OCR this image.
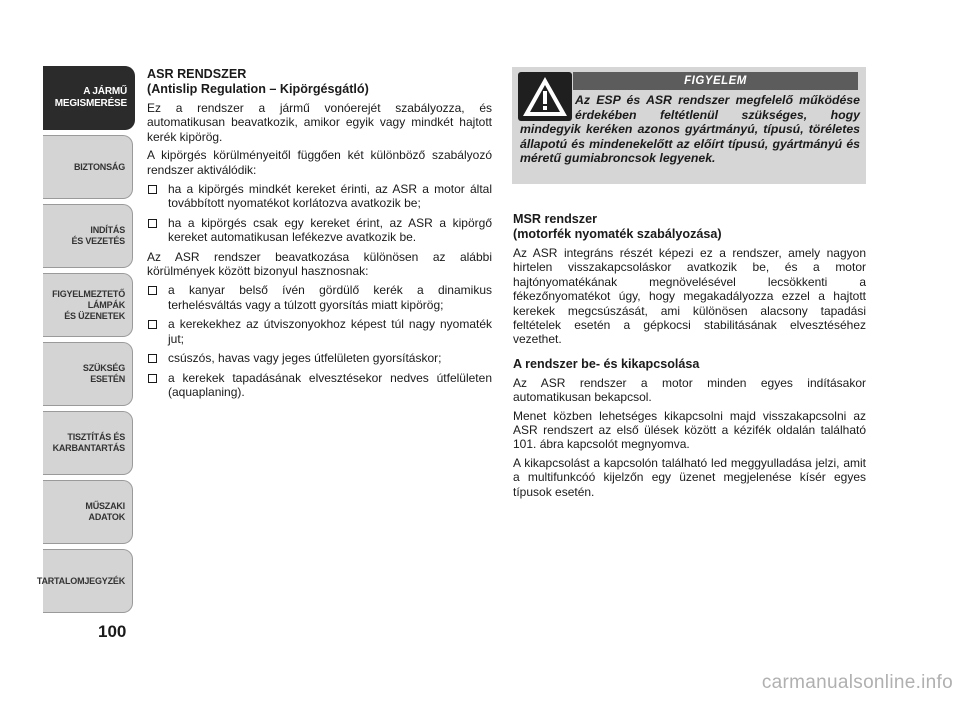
A JÁRMŰ
MEGISMERÉSE
BIZTONSÁG
INDÍTÁS
ÉS VEZETÉS
FIGYELMEZTETŐ
LÁMPÁK
ÉS ÜZENETEK
SZÜKSÉG
ESETÉN
TISZTÍTÁS ÉS
KARBANTARTÁS
MŰSZAKI
ADATOK
TARTALOMJEGYZÉK
100

ASR RENDSZER

(Antislip Regulation – Kipörgésgátló)

Ez a rendszer a jármű vonóerejét szabályozza, és automatikusan beavatkozik, amikor egyik vagy mindkét hajtott kerék kipörög.

A kipörgés körülményeitől függően két különböző szabályozó rendszer aktiválódik:

ha a kipörgés mindkét kereket érinti, az ASR a motor által továbbított nyomatékot korlátozva avatkozik be;
ha a kipörgés csak egy kereket érint, az ASR a kipörgő kereket automatikusan lefékezve avatkozik be.

Az ASR rendszer beavatkozása különösen az alábbi körülmények között bizonyul hasznosnak:

a kanyar belső ívén gördülő kerék a dinamikus terhelésváltás vagy a túlzott gyorsítás miatt kipörög;
a kerekekhez az útviszonyokhoz képest túl nagy nyomaték jut;
csúszós, havas vagy jeges útfelületen gyorsításkor;
a kerekek tapadásának elvesztésekor nedves útfelületen (aquaplaning).
FIGYELEM

Az ESP és ASR rendszer megfelelő működése érdekében feltétlenül szükséges, hogy mindegyik keréken azonos gyártmányú, típusú, töréletes állapotú és mindenekelőtt az előírt típusú, gyártmányú és méretű gumiabroncsok legyenek.

MSR rendszer

(motorfék nyomaték szabályozása)

Az ASR integráns részét képezi ez a rendszer, amely nagyon hirtelen visszakapcsoláskor avatkozik be, és a motor hajtónyomatékának megnövelésével lecsökkenti a fékezőnyomatékot úgy, hogy megakadályozza ezzel a hajtott kerekek megcsúszását, ami különösen alacsony tapadási feltételek esetén a gépkocsi stabilitásának elvesztéséhez vezethet.

A rendszer be- és kikapcsolása

Az ASR rendszer a motor minden egyes indításakor automatikusan bekapcsol.

Menet közben lehetséges kikapcsolni majd visszakapcsolni az ASR rendszert az első ülések között a kézifék oldalán található 101. ábra kapcsolót megnyomva.

A kikapcsolást a kapcsolón található led meggyulladása jelzi, amit a multifunkcóó kijelzőn egy üzenet megjelenése kísér egyes típusok esetén.

carmanualsonline.info
